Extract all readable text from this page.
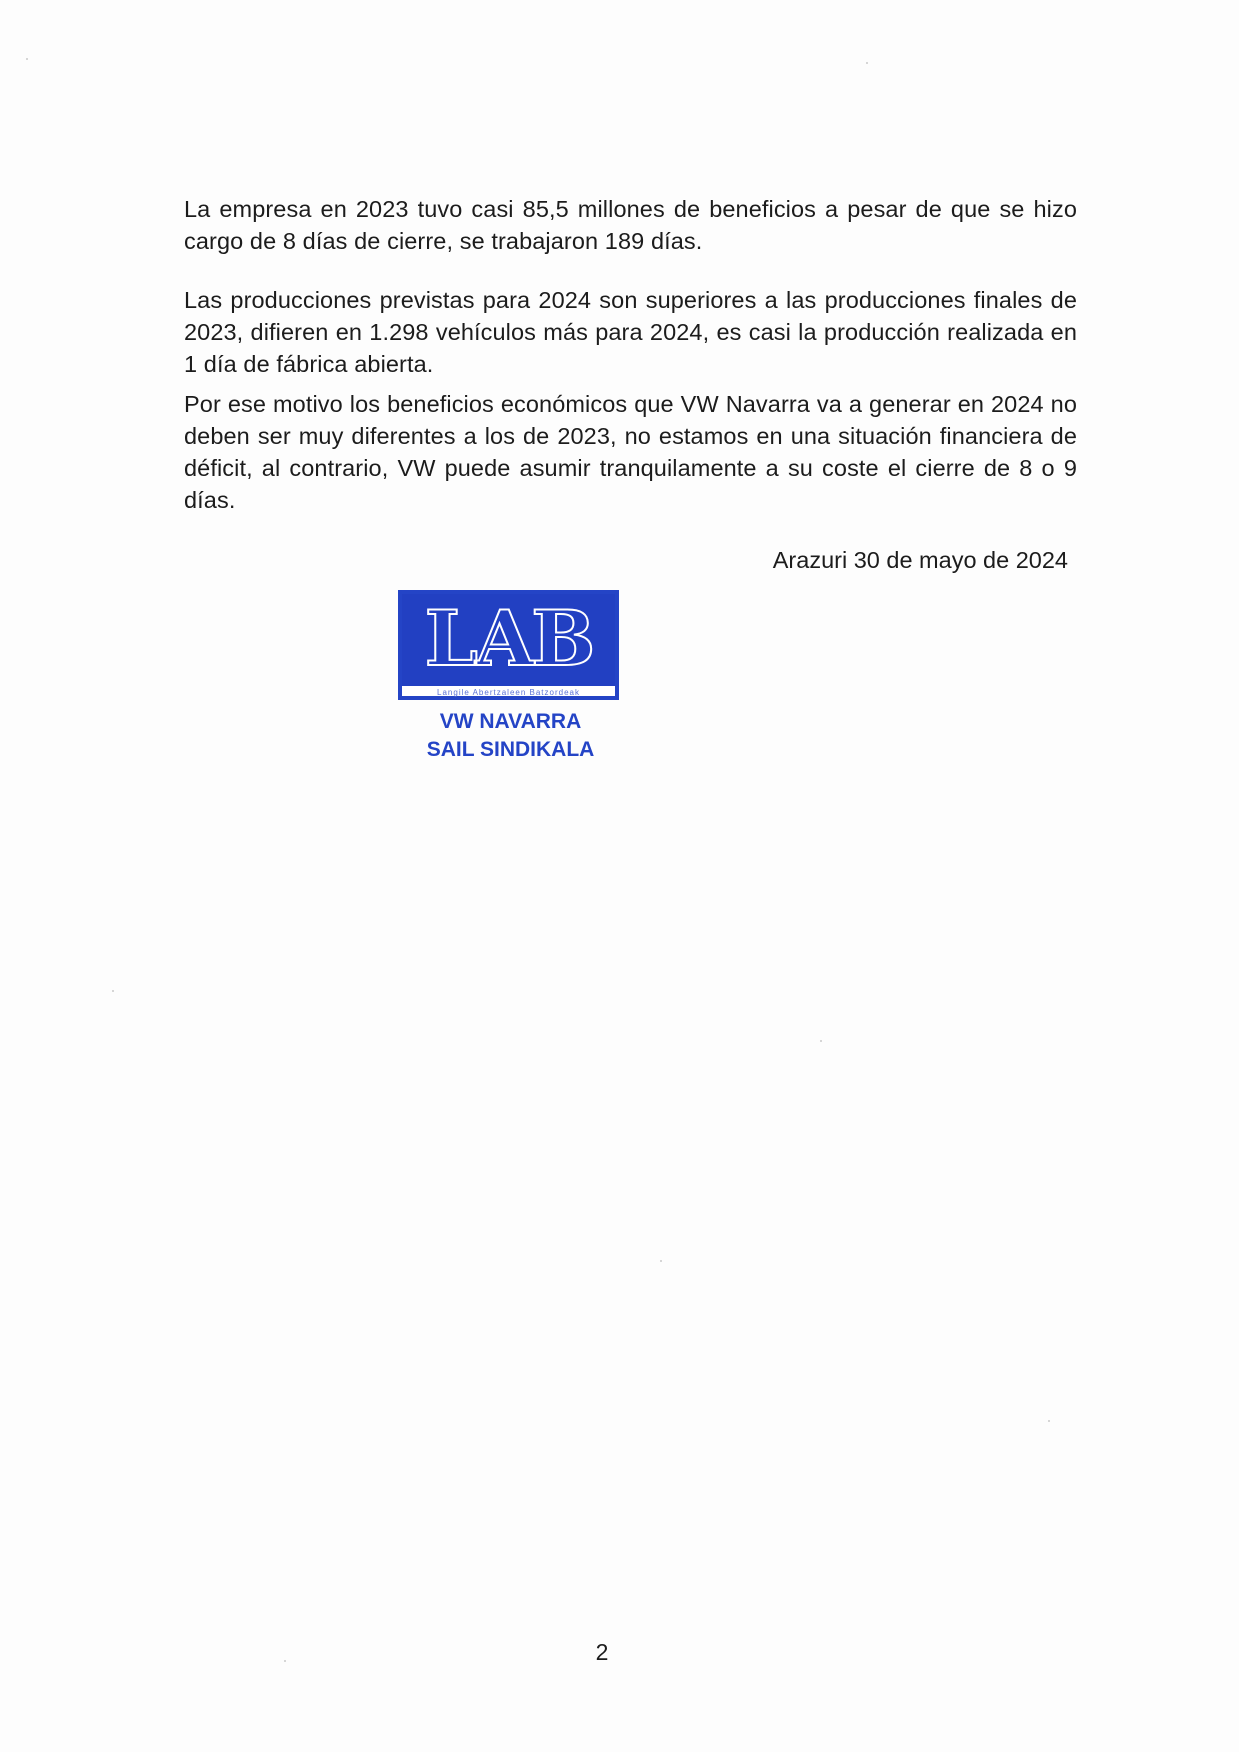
La empresa en 2023 tuvo casi 85,5 millones de beneficios a pesar de que se hizo cargo de 8 días de cierre, se trabajaron 189 días.

Las producciones previstas para 2024 son superiores a las producciones finales de 2023, difieren en 1.298 vehículos más para 2024, es casi la producción realizada en 1 día de fábrica abierta.

Por ese motivo los beneficios económicos que VW Navarra va a generar en 2024 no deben ser muy diferentes a los de 2023, no estamos en una situación financiera de déficit, al contrario, VW puede asumir tranquilamente a su coste el cierre de 8 o 9 días.

Arazuri 30 de mayo de 2024

LAB
Langile Abertzaleen Batzordeak
VW NAVARRA
SAIL SINDIKALA
2
